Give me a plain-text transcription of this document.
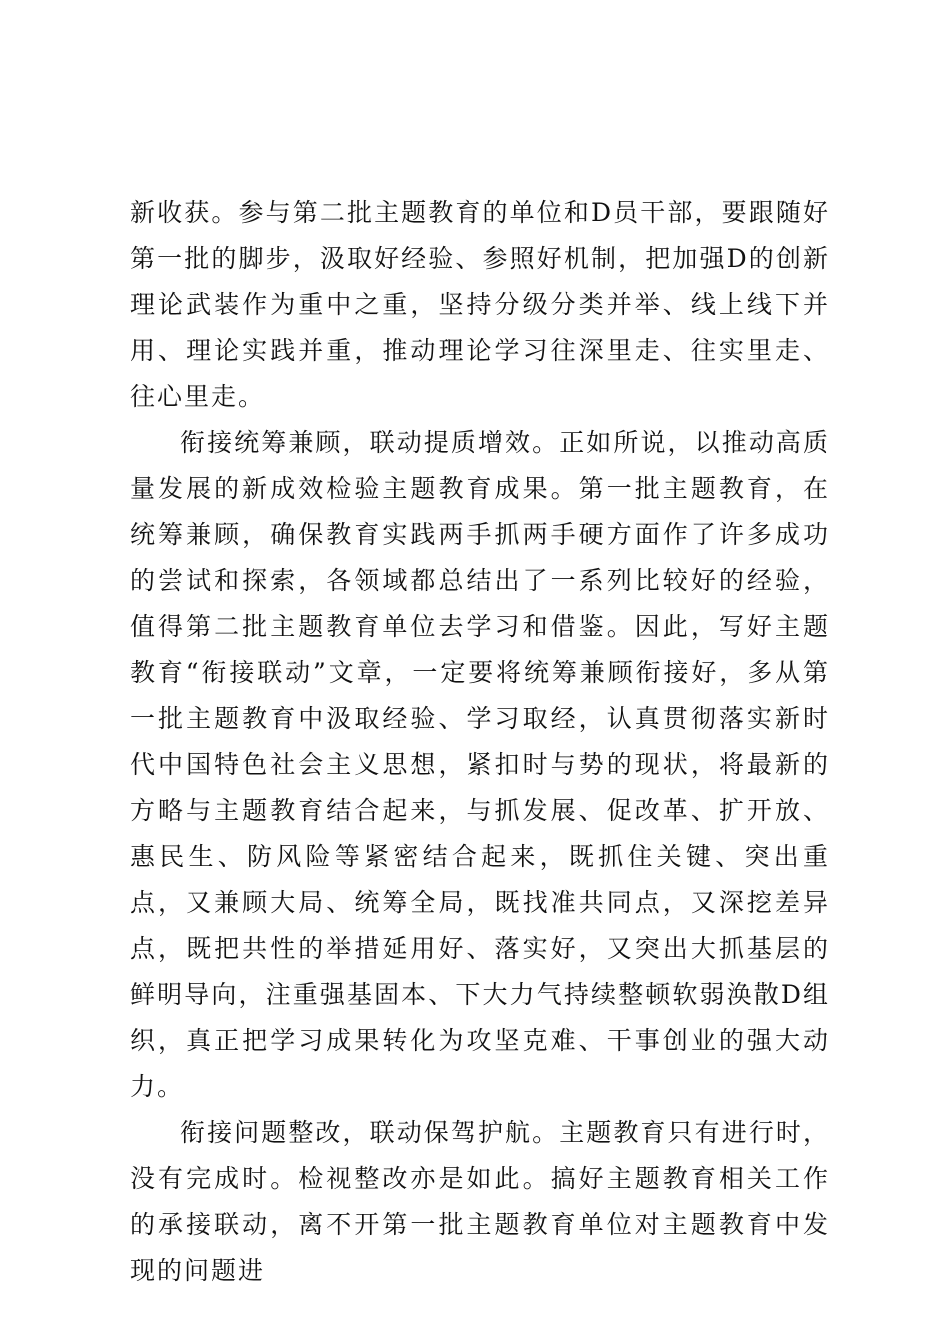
新收获。参与第二批主题教育的单位和D员干部，要跟随好第一批的脚步，汲取好经验、参照好机制，把加强D的创新理论武装作为重中之重，坚持分级分类并举、线上线下并用、理论实践并重，推动理论学习往深里走、往实里走、往心里走。

衔接统筹兼顾，联动提质增效。正如所说，以推动高质量发展的新成效检验主题教育成果。第一批主题教育，在统筹兼顾，确保教育实践两手抓两手硬方面作了许多成功的尝试和探索，各领域都总结出了一系列比较好的经验，值得第二批主题教育单位去学习和借鉴。因此，写好主题教育“衔接联动”文章，一定要将统筹兼顾衔接好，多从第一批主题教育中汲取经验、学习取经，认真贯彻落实新时代中国特色社会主义思想，紧扣时与势的现状，将最新的方略与主题教育结合起来，与抓发展、促改革、扩开放、惠民生、防风险等紧密结合起来，既抓住关键、突出重点，又兼顾大局、统筹全局，既找准共同点，又深挖差异点，既把共性的举措延用好、落实好，又突出大抓基层的鲜明导向，注重强基固本、下大力气持续整顿软弱涣散D组织，真正把学习成果转化为攻坚克难、干事创业的强大动力。

衔接问题整改，联动保驾护航。主题教育只有进行时，没有完成时。检视整改亦是如此。搞好主题教育相关工作的承接联动，离不开第一批主题教育单位对主题教育中发现的问题进
